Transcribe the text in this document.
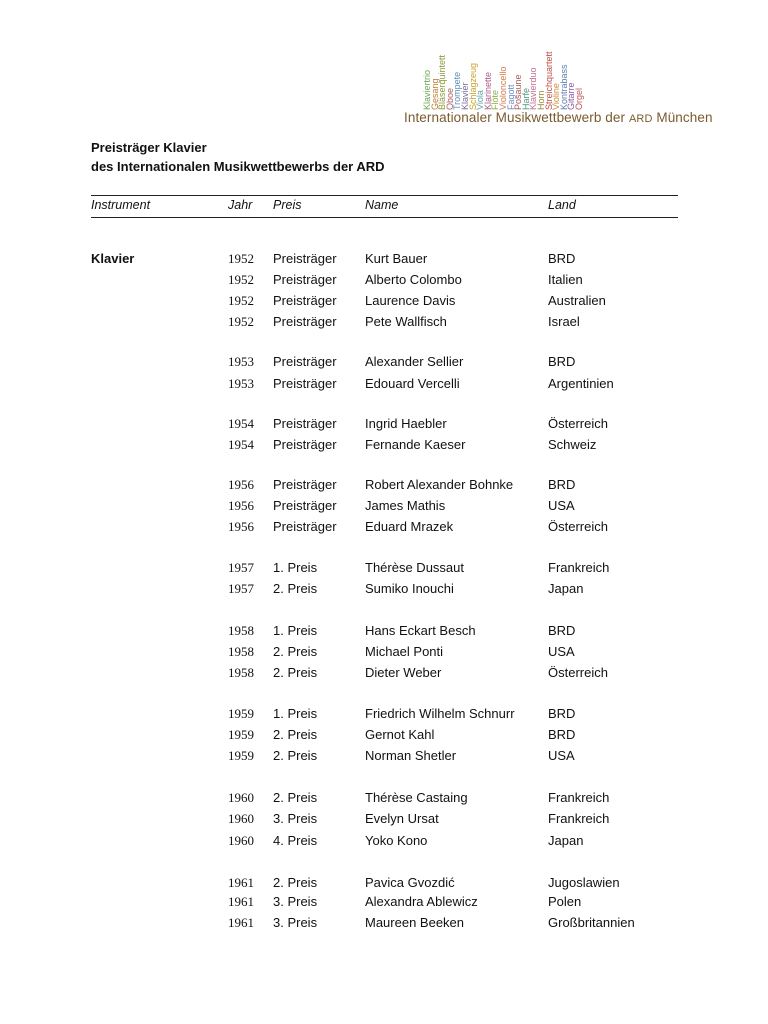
Klaviertrio
Gesang
Bläserquintett
Oboe
Trompete
Klavier
Schlagzeug
Viola
Klarinette
Flöte
Violoncello
Fagott
Posaune
Harfe
Klavierduo
Horn
Streichquartett
Violine
Kontrabass
Gitarre
Orgel
Internationaler Musikwettbewerb der ARD München
Preisträger Klavier
des Internationalen Musikwettbewerbs der ARD
Instrument	Jahr Preis	Name	Land
Klavier	1952 Preisträger Kurt Bauer	BRD
1952 Preisträger Alberto Colombo	Italien
1952 Preisträger Laurence Davis	Australien
1952 Preisträger Pete Wallfisch	Israel
1953 Preisträger Alexander Sellier	BRD
1953 Preisträger Edouard Vercelli	Argentinien
1954 Preisträger Ingrid Haebler	Österreich
1954 Preisträger Fernande Kaeser	Schweiz
1956 Preisträger Robert Alexander Bohnke	BRD
1956 Preisträger James Mathis	USA
1956 Preisträger Eduard Mrazek	Österreich
1957 1. Preis	Thérèse Dussaut	Frankreich
1957 2. Preis	Sumiko Inouchi	Japan
1958 1. Preis	Hans Eckart Besch	BRD
1958 2. Preis	Michael Ponti	USA
1958 2. Preis	Dieter Weber	Österreich
1959 1. Preis	Friedrich Wilhelm Schnurr	BRD
1959 2. Preis	Gernot Kahl	BRD
1959 2. Preis	Norman Shetler	USA
1960 2. Preis	Thérèse Castaing	Frankreich
1960 3. Preis	Evelyn Ursat	Frankreich
1960 4. Preis	Yoko Kono	Japan
1961 2. Preis	Pavica Gvozdić	Jugoslawien
1961 3. Preis	Alexandra Ablewicz	Polen
1961 3. Preis	Maureen Beeken	Großbritannien
